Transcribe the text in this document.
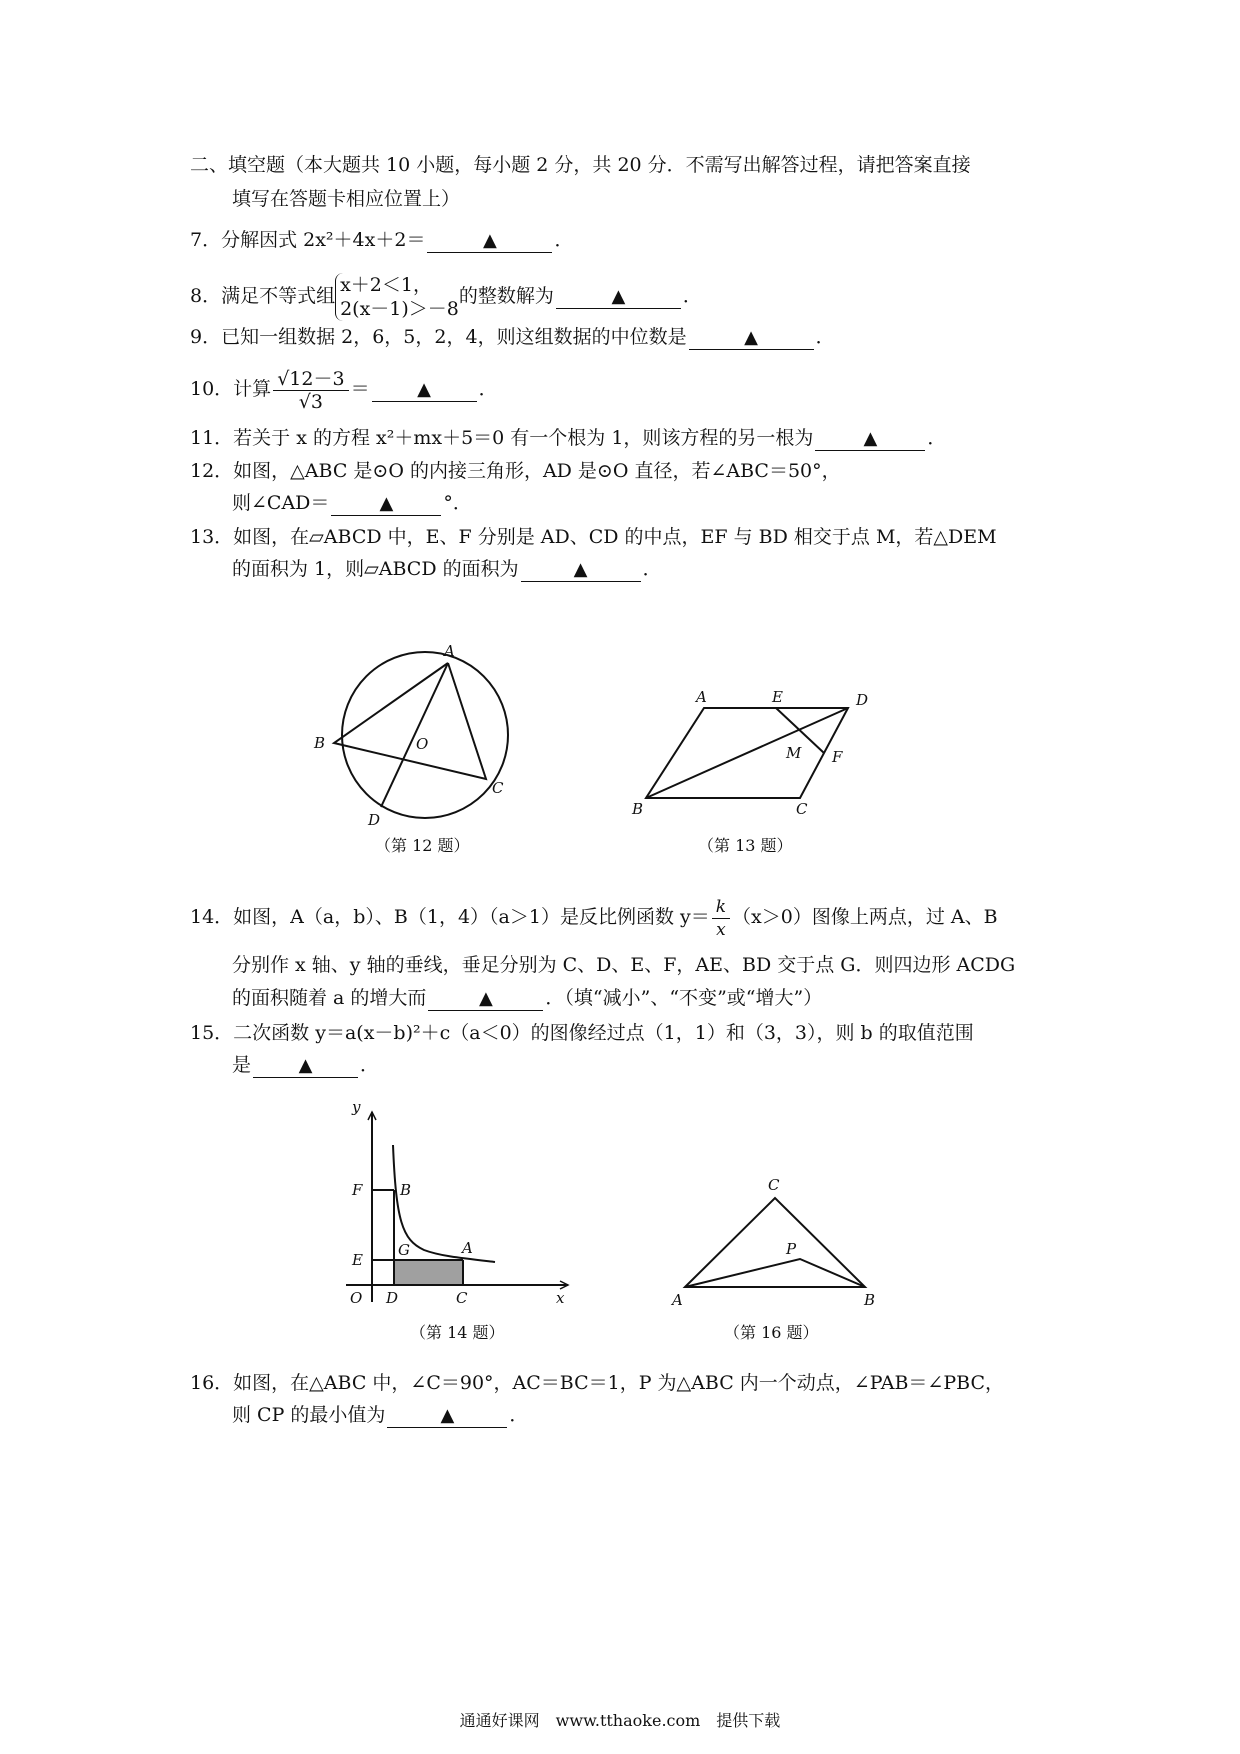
二、填空题（本大题共 10 小题，每小题 2 分，共 20 分．不需写出解答过程，请把答案直接
填写在答题卡相应位置上）
7．分解因式 2x²＋4x＋2＝	▲	．
8．满足不等式组 x＋2＜1，
2(x－1)＞－8
的整数解为	▲	．
9．已知一组数据 2，6，5，2，4，则这组数据的中位数是	▲	．
10．计算 $\frac{√12-3}{√3}$ ＝	▲	．
11．若关于 x 的方程 x²＋mx＋5＝0 有一个根为 1，则该方程的另一根为	▲	．
12．如图，△ABC 是⊙O 的内接三角形，AD 是⊙O 直径，若∠ABC＝50°，
则∠CAD＝	▲	°．
13．如图，在▱ABCD 中，E、F 分别是 AD、CD 的中点，EF 与 BD 相交于点 M，若△DEM
的面积为 1，则▱ABCD 的面积为	▲	．
A
B
C
D
O
（第 12 题）
A	E	D
M F
B	C
（第 13 题）
14．如图，A（a，b）、B（1，4）（a＞1）是反比例函数 $y= \frac{k}{x} (x>0)$图像上两点，过 A、B
分别作 x 轴、y 轴的垂线，垂足分别为 C、D、E、F，AE、BD 交于点 G．则四边形 ACDG
的面积随着 a 的增大而	▲	．（填“减小”、“不变”或“增大”）
15．二次函数 y＝a(x－b)²＋c（a＜0）的图像经过点（1，1）和（3，3），则 b 的取值范围
是	▲	．
y
F	B
E
G	A
O D	C	x
（第 14 题）
C
P
A	B
（第 16 题）
16．如图，在△ABC 中，∠C＝90°，AC＝BC＝1，P 为△ABC 内一个动点，∠PAB＝∠PBC，
则 CP 的最小值为	▲	．
通通好课网　www.tthaoke.com　提供下载
